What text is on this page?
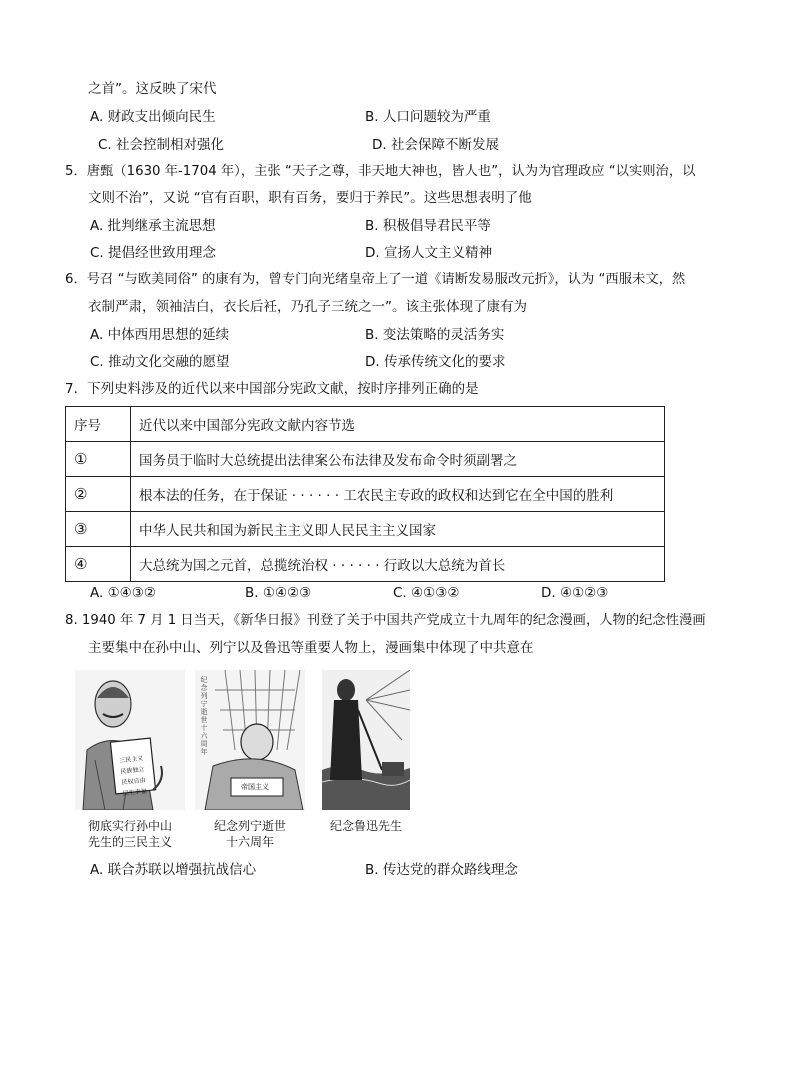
之首”。这反映了宋代
A. 财政支出倾向民生	B. 人口问题较为严重
C. 社会控制相对强化	D. 社会保障不断发展
5．唐甄（1630 年-1704 年），主张 “天子之尊，非天地大神也，皆人也”，认为为官理政应 “以实则治，以
文则不治”，又说 “官有百职，职有百务，要归于养民”。这些思想表明了他
A. 批判继承主流思想	B. 积极倡导君民平等
C. 提倡经世致用理念	D. 宣扬人文主义精神
6．号召 “与欧美同俗” 的康有为，曾专门向光绪皇帝上了一道《请断发易服改元折》，认为 “西服未文，然
衣制严肃，领袖洁白，衣长后衽，乃孔子三统之一”。该主张体现了康有为
A. 中体西用思想的延续	B. 变法策略的灵活务实
C. 推动文化交融的愿望	D. 传承传统文化的要求
7．下列史料涉及的近代以来中国部分宪政文献，按时序排列正确的是
序号	近代以来中国部分宪政文献内容节选
①	国务员于临时大总统提出法律案公布法律及发布命令时须副署之
②	根本法的任务，在于保证 · · · · · · 工农民主专政的政权和达到它在全中国的胜利
③	中华人民共和国为新民主主义即人民民主主义国家
④	大总统为国之元首，总揽统治权 · · · · · · 行政以大总统为首长
A. ①④③②	B. ①④②③	C. ④①③②	D. ④①②③
8. 1940 年 7 月 1 日当天，《新华日报》刊登了关于中国共产党成立十九周年的纪念漫画，人物的纪念性漫画
主要集中在孙中山、列宁以及鲁迅等重要人物上，漫画集中体现了中共意在
三民主义 民族独立 民权自由 民生幸福
彻底实行孙中山
先生的三民主义
纪念列宁逝世十六周年
帝国主义
纪念列宁逝世
十六周年
纪念鲁迅先生
A. 联合苏联以增强抗战信心	B. 传达党的群众路线理念
